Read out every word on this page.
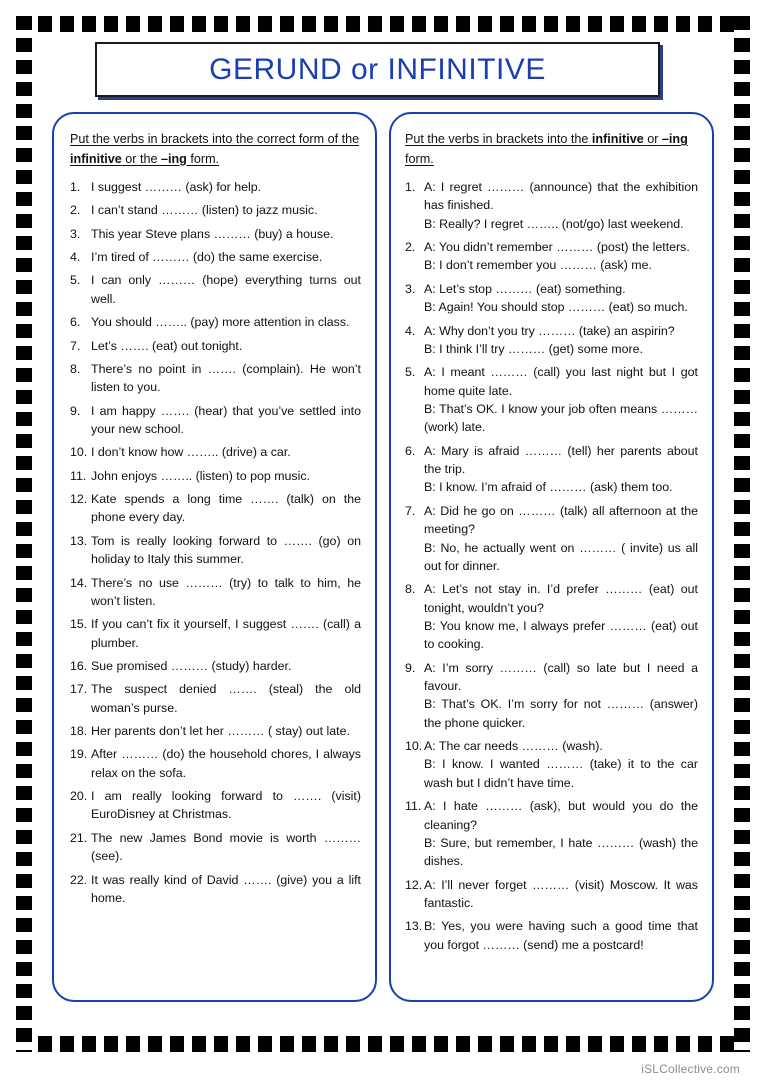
GERUND or INFINITIVE
Put the verbs in brackets into the correct form of the infinitive or the –ing form.
1. I suggest ……… (ask) for help.
2. I can’t stand ……… (listen) to jazz music.
3. This year Steve plans ……… (buy) a house.
4. I’m tired of ……… (do) the same exercise.
5. I can only ……… (hope) everything turns out well.
6. You should …….. (pay) more attention in class.
7. Let’s ……. (eat) out tonight.
8. There’s no point in ……. (complain). He won’t listen to you.
9. I am happy ……. (hear) that you’ve settled into your new school.
10. I don’t know how …….. (drive) a car.
11. John enjoys …….. (listen) to pop music.
12. Kate spends a long time ……. (talk) on the phone every day.
13. Tom is really looking forward to ……. (go) on holiday to Italy this summer.
14. There’s no use ……… (try) to talk to him, he won’t listen.
15. If you can’t fix it yourself, I suggest ……. (call) a plumber.
16. Sue promised ……… (study) harder.
17. The suspect denied ……. (steal) the old woman’s purse.
18. Her parents don’t let her ……… ( stay) out late.
19. After ……… (do) the household chores, I always relax on the sofa.
20. I am really looking forward to ……. (visit) EuroDisney at Christmas.
21. The new James Bond movie is worth ……… (see).
22. It was really kind of David ……. (give) you a lift home.
Put the verbs in brackets into the infinitive or –ing form.
1. A: I regret ……… (announce) that the exhibition has finished.
B: Really? I regret …….. (not/go) last weekend.
2. A: You didn’t remember ……… (post) the letters.
B: I don’t remember you ……… (ask) me.
3. A: Let’s stop ……… (eat) something.
B: Again! You should stop ……… (eat) so much.
4. A: Why don’t you try ……… (take) an aspirin?
B: I think I’ll try ……… (get) some more.
5. A: I meant ……… (call) you last night but I got home quite late.
B: That’s OK. I know your job often means ……… (work) late.
6. A: Mary is afraid ……… (tell) her parents about the trip.
B: I know. I’m afraid of ……… (ask) them too.
7. A: Did he go on ……… (talk) all afternoon at the meeting?
B: No, he actually went on ……… ( invite) us all out for dinner.
8. A: Let’s not stay in. I’d prefer ……… (eat) out tonight, wouldn’t you?
B: You know me, I always prefer ……… (eat) out to cooking.
9. A: I’m sorry ……… (call) so late but I need a favour.
B: That’s OK. I’m sorry for not ……… (answer) the phone quicker.
10. A: The car needs ……… (wash).
B: I know. I wanted ……… (take) it to the car wash but I didn’t have time.
11. A: I hate ……… (ask), but would you do the cleaning?
B: Sure, but remember, I hate ……… (wash) the dishes.
12. A: I’ll never forget ……… (visit) Moscow. It was fantastic.
13. B: Yes, you were having such a good time that you forgot ……… (send) me a postcard!
iSLCollective.com
